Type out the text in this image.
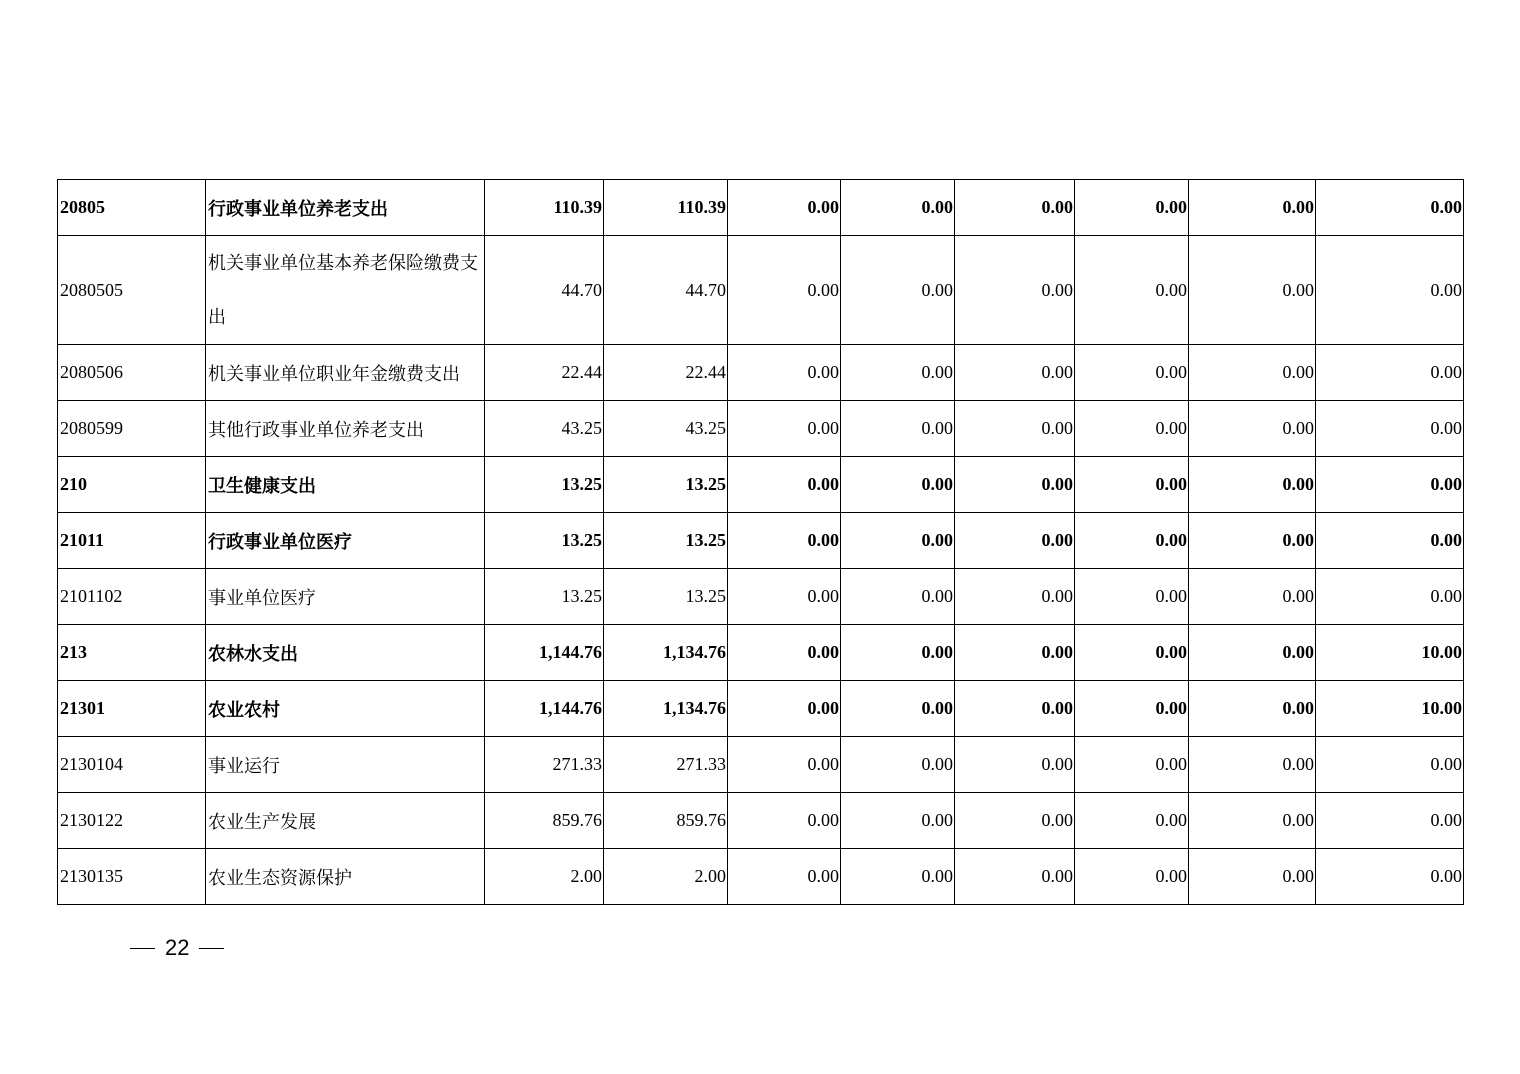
20805	行政事业单位养老支出	110.39	110.39	0.00	0.00	0.00	0.00	0.00	0.00
2080505	机关事业单位基本养老保险缴费支出	44.70	44.70	0.00	0.00	0.00	0.00	0.00	0.00
2080506	机关事业单位职业年金缴费支出	22.44	22.44	0.00	0.00	0.00	0.00	0.00	0.00
2080599	其他行政事业单位养老支出	43.25	43.25	0.00	0.00	0.00	0.00	0.00	0.00
210	卫生健康支出	13.25	13.25	0.00	0.00	0.00	0.00	0.00	0.00
21011	行政事业单位医疗	13.25	13.25	0.00	0.00	0.00	0.00	0.00	0.00
2101102	事业单位医疗	13.25	13.25	0.00	0.00	0.00	0.00	0.00	0.00
213	农林水支出	1,144.76	1,134.76	0.00	0.00	0.00	0.00	0.00	10.00
21301	农业农村	1,144.76	1,134.76	0.00	0.00	0.00	0.00	0.00	10.00
2130104	事业运行	271.33	271.33	0.00	0.00	0.00	0.00	0.00	0.00
2130122	农业生产发展	859.76	859.76	0.00	0.00	0.00	0.00	0.00	0.00
2130135	农业生态资源保护	2.00	2.00	0.00	0.00	0.00	0.00	0.00	0.00
22
